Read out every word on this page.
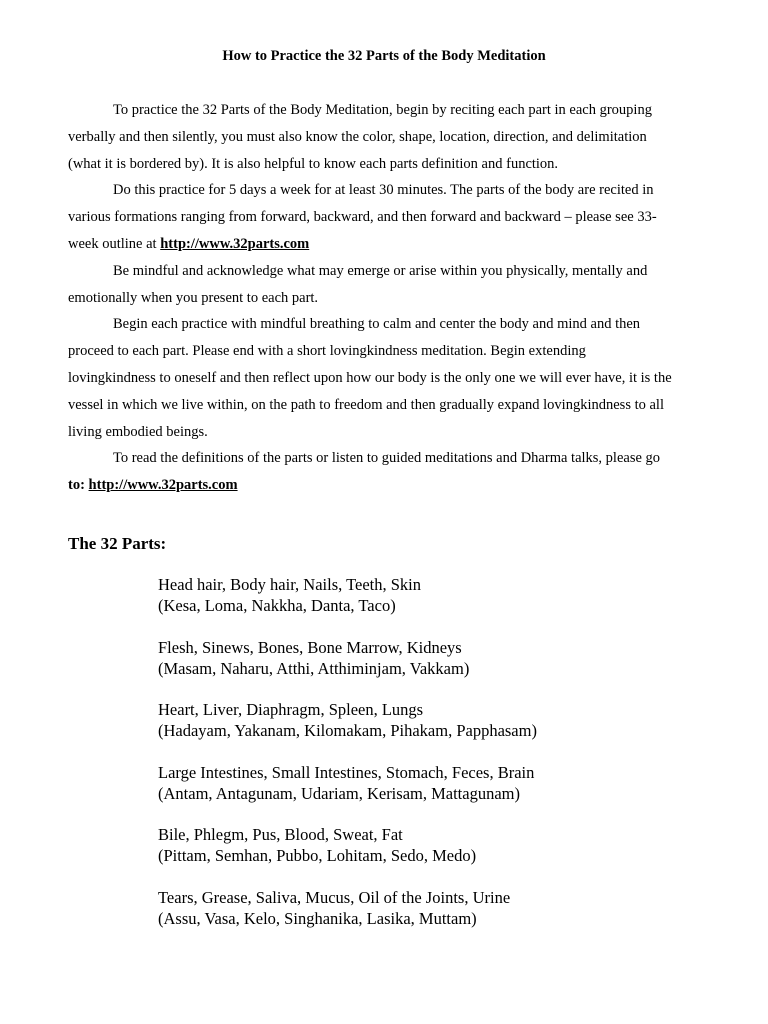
How to Practice the 32 Parts of the Body Meditation

To practice the 32 Parts of the Body Meditation, begin by reciting each part in each grouping
verbally and then silently, you must also know the color, shape, location, direction, and delimitation
(what it is bordered by). It is also helpful to know each parts definition and function.

Do this practice for 5 days a week for at least 30 minutes. The parts of the body are recited in
various formations ranging from forward, backward, and then forward and backward – please see 33-
week outline at http://www.32parts.com

Be mindful and acknowledge what may emerge or arise within you physically, mentally and
emotionally when you present to each part.

Begin each practice with mindful breathing to calm and center the body and mind and then
proceed to each part. Please end with a short lovingkindness meditation. Begin extending
lovingkindness to oneself and then reflect upon how our body is the only one we will ever have, it is the
vessel in which we live within, on the path to freedom and then gradually expand lovingkindness to all
living embodied beings.

To read the definitions of the parts or listen to guided meditations and Dharma talks, please go
to: http://www.32parts.com

The 32 Parts:
Head hair, Body hair, Nails, Teeth, Skin
(Kesa, Loma, Nakkha, Danta, Taco)
Flesh, Sinews, Bones, Bone Marrow, Kidneys
(Masam, Naharu, Atthi, Atthiminjam, Vakkam)
Heart, Liver, Diaphragm, Spleen, Lungs
(Hadayam, Yakanam, Kilomakam, Pihakam, Papphasam)
Large Intestines, Small Intestines, Stomach, Feces, Brain
(Antam, Antagunam, Udariam, Kerisam, Mattagunam)
Bile, Phlegm, Pus, Blood, Sweat, Fat
(Pittam, Semhan, Pubbo, Lohitam, Sedo, Medo)
Tears, Grease, Saliva, Mucus, Oil of the Joints, Urine
(Assu, Vasa, Kelo, Singhanika, Lasika, Muttam)
